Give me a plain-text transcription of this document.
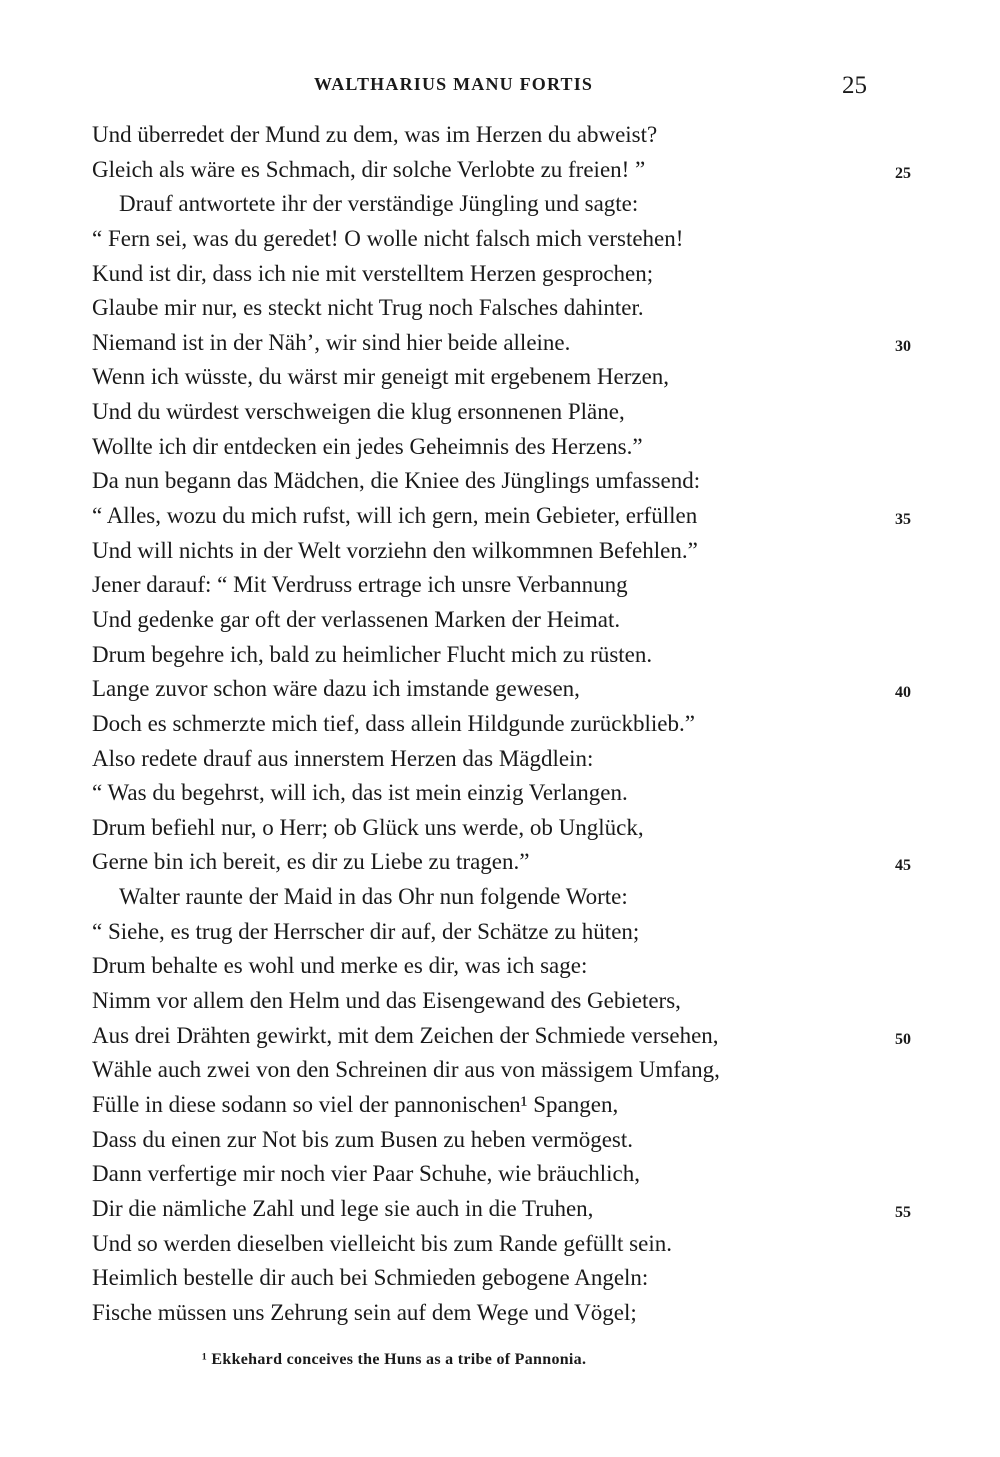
WALTHARIUS MANU FORTIS	25
Und überredet der Mund zu dem, was im Herzen du abweist?
Gleich als wäre es Schmach, dir solche Verlobte zu freien! ”	25
Drauf antwortete ihr der verständige Jüngling und sagte:
“ Fern sei, was du geredet! O wolle nicht falsch mich verstehen!
Kund ist dir, dass ich nie mit verstelltem Herzen gesprochen;
Glaube mir nur, es steckt nicht Trug noch Falsches dahinter.
Niemand ist in der Näh’, wir sind hier beide alleine.	30
Wenn ich wüsste, du wärst mir geneigt mit ergebenem Herzen,
Und du würdest verschweigen die klug ersonnenen Pläne,
Wollte ich dir entdecken ein jedes Geheimnis des Herzens.”
Da nun begann das Mädchen, die Kniee des Jünglings umfassend:
“ Alles, wozu du mich rufst, will ich gern, mein Gebieter, erfüllen	35
Und will nichts in der Welt vorziehn den wilkommnen Befehlen.”
Jener darauf: “ Mit Verdruss ertrage ich unsre Verbannung
Und gedenke gar oft der verlassenen Marken der Heimat.
Drum begehre ich, bald zu heimlicher Flucht mich zu rüsten.
Lange zuvor schon wäre dazu ich imstande gewesen,	40
Doch es schmerzte mich tief, dass allein Hildgunde zurückblieb.”
Also redete drauf aus innerstem Herzen das Mägdlein:
“ Was du begehrst, will ich, das ist mein einzig Verlangen.
Drum befiehl nur, o Herr; ob Glück uns werde, ob Unglück,
Gerne bin ich bereit, es dir zu Liebe zu tragen.”	45
Walter raunte der Maid in das Ohr nun folgende Worte:
“ Siehe, es trug der Herrscher dir auf, der Schätze zu hüten;
Drum behalte es wohl und merke es dir, was ich sage:
Nimm vor allem den Helm und das Eisengewand des Gebieters,
Aus drei Drähten gewirkt, mit dem Zeichen der Schmiede versehen,	50
Wähle auch zwei von den Schreinen dir aus von mässigem Umfang,
Fülle in diese sodann so viel der pannonischen¹ Spangen,
Dass du einen zur Not bis zum Busen zu heben vermögest.
Dann verfertige mir noch vier Paar Schuhe, wie bräuchlich,
Dir die nämliche Zahl und lege sie auch in die Truhen,	55
Und so werden dieselben vielleicht bis zum Rande gefüllt sein.
Heimlich bestelle dir auch bei Schmieden gebogene Angeln:
Fische müssen uns Zehrung sein auf dem Wege und Vögel;
¹ Ekkehard conceives the Huns as a tribe of Pannonia.
